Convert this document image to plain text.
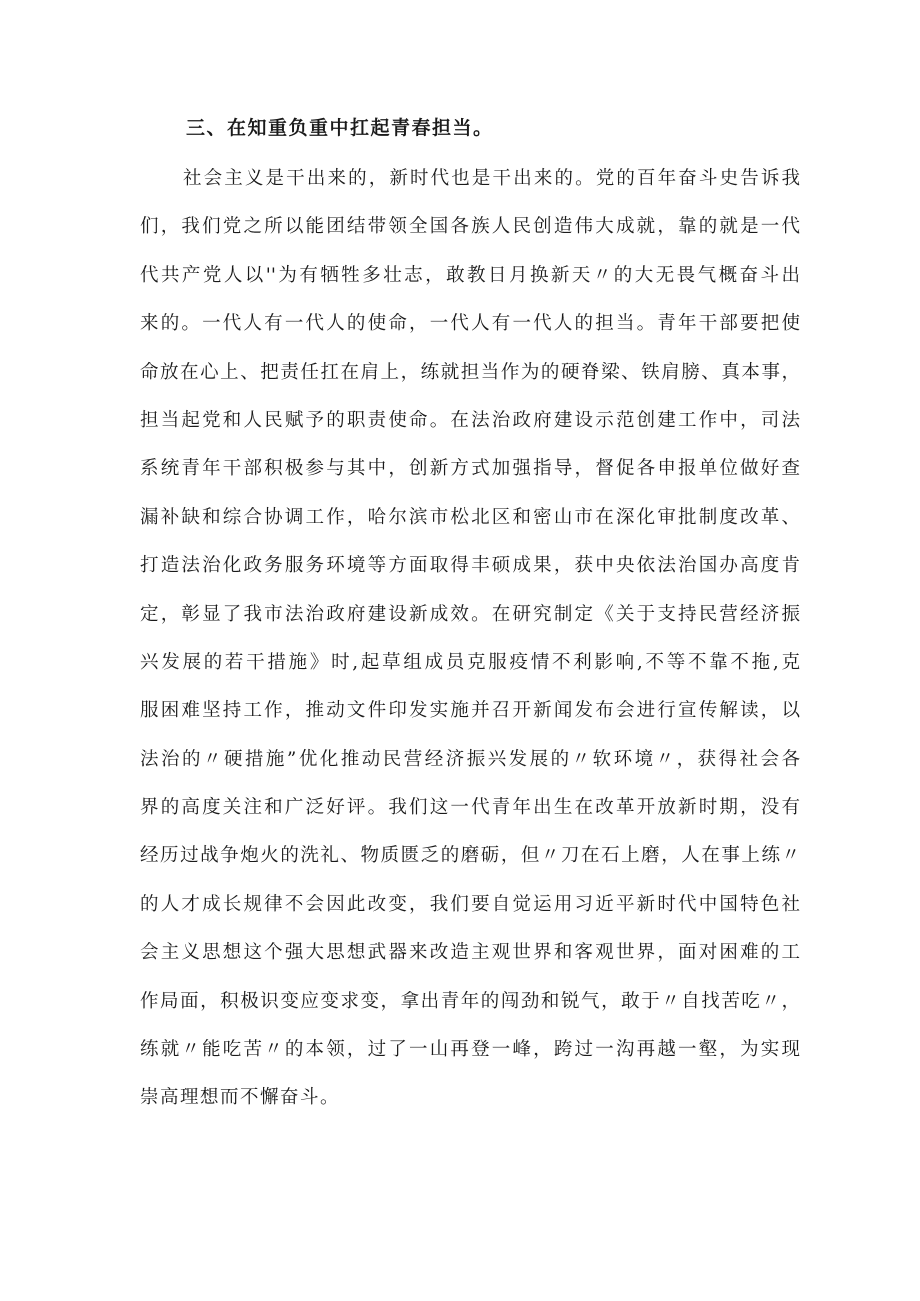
三、在知重负重中扛起青春担当。
社会主义是干出来的，新时代也是干出来的。党的百年奋斗史告诉我
们，我们党之所以能团结带领全国各族人民创造伟大成就，靠的就是一代
代共产党人以''为有牺牲多壮志，敢教日月换新天〃的大无畏气概奋斗出
来的。一代人有一代人的使命，一代人有一代人的担当。青年干部要把使
命放在心上、把责任扛在肩上，练就担当作为的硬脊梁、铁肩膀、真本事，
担当起党和人民赋予的职责使命。在法治政府建设示范创建工作中，司法
系统青年干部积极参与其中，创新方式加强指导，督促各申报单位做好查
漏补缺和综合协调工作，哈尔滨市松北区和密山市在深化审批制度改革、
打造法治化政务服务环境等方面取得丰硕成果，获中央依法治国办高度肯
定，彰显了我市法治政府建设新成效。在研究制定《关于支持民营经济振
兴发展的若干措施》时,起草组成员克服疫情不利影响,不等不靠不拖,克
服困难坚持工作，推动文件印发实施并召开新闻发布会进行宣传解读，以
法治的〃硬措施”优化推动民营经济振兴发展的〃软环境〃，获得社会各
界的高度关注和广泛好评。我们这一代青年出生在改革开放新时期，没有
经历过战争炮火的洗礼、物质匮乏的磨砺，但〃刀在石上磨，人在事上练〃
的人才成长规律不会因此改变，我们要自觉运用习近平新时代中国特色社
会主义思想这个强大思想武器来改造主观世界和客观世界，面对困难的工
作局面，积极识变应变求变，拿出青年的闯劲和锐气，敢于〃自找苦吃〃，
练就〃能吃苦〃的本领，过了一山再登一峰，跨过一沟再越一壑，为实现
崇高理想而不懈奋斗。
